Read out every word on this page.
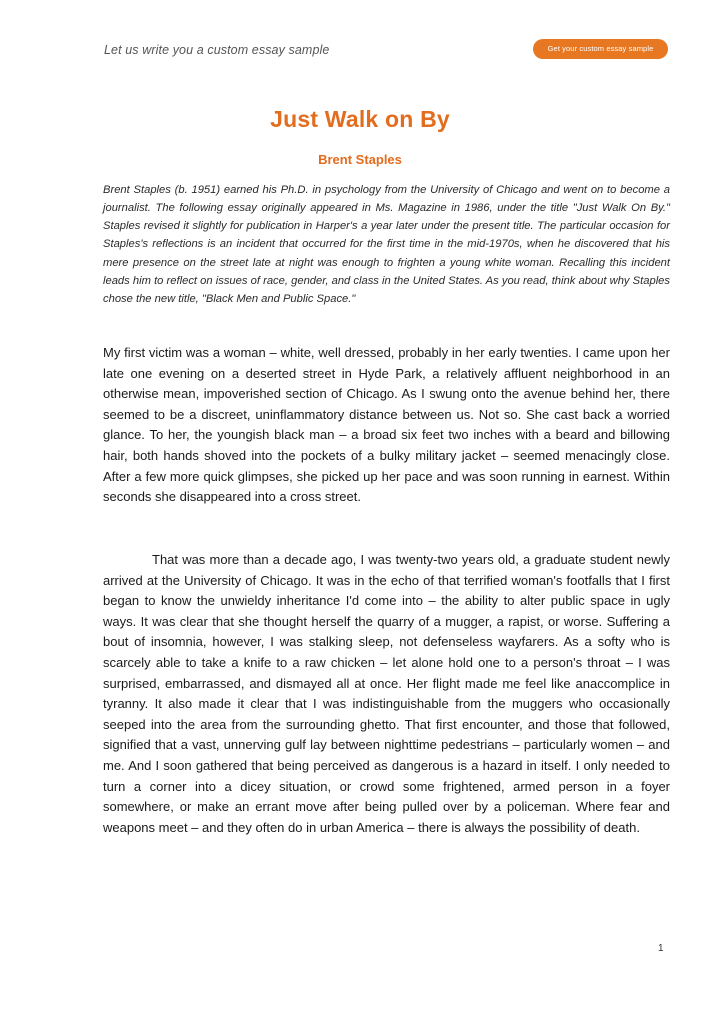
Let us write you a custom essay sample	Get your custom essay sample
Just Walk on By
Brent Staples

Brent Staples (b. 1951) earned his Ph.D. in psychology from the University of Chicago and went on to become a journalist. The following essay originally appeared in Ms. Magazine in 1986, under the title "Just Walk On By." Staples revised it slightly for publication in Harper's a year later under the present title. The particular occasion for Staples's reflections is an incident that occurred for the first time in the mid-1970s, when he discovered that his mere presence on the street late at night was enough to frighten a young white woman. Recalling this incident leads him to reflect on issues of race, gender, and class in the United States. As you read, think about why Staples chose the new title, "Black Men and Public Space."

My first victim was a woman – white, well dressed, probably in her early twenties. I came upon her late one evening on a deserted street in Hyde Park, a relatively affluent neighborhood in an otherwise mean, impoverished section of Chicago. As I swung onto the avenue behind her, there seemed to be a discreet, uninflammatory distance between us. Not so. She cast back a worried glance. To her, the youngish black man – a broad six feet two inches with a beard and billowing hair, both hands shoved into the pockets of a bulky military jacket – seemed menacingly close. After a few more quick glimpses, she picked up her pace and was soon running in earnest. Within seconds she disappeared into a cross street.

That was more than a decade ago, I was twenty-two years old, a graduate student newly arrived at the University of Chicago. It was in the echo of that terrified woman's footfalls that I first began to know the unwieldy inheritance I'd come into – the ability to alter public space in ugly ways. It was clear that she thought herself the quarry of a mugger, a rapist, or worse. Suffering a bout of insomnia, however, I was stalking sleep, not defenseless wayfarers. As a softy who is scarcely able to take a knife to a raw chicken – let alone hold one to a person's throat – I was surprised, embarrassed, and dismayed all at once. Her flight made me feel like anaccomplice in tyranny. It also made it clear that I was indistinguishable from the muggers who occasionally seeped into the area from the surrounding ghetto. That first encounter, and those that followed, signified that a vast, unnerving gulf lay between nighttime pedestrians – particularly women – and me. And I soon gathered that being perceived as dangerous is a hazard in itself. I only needed to turn a corner into a dicey situation, or crowd some frightened, armed person in a foyer somewhere, or make an errant move after being pulled over by a policeman. Where fear and weapons meet – and they often do in urban America – there is always the possibility of death.

1
